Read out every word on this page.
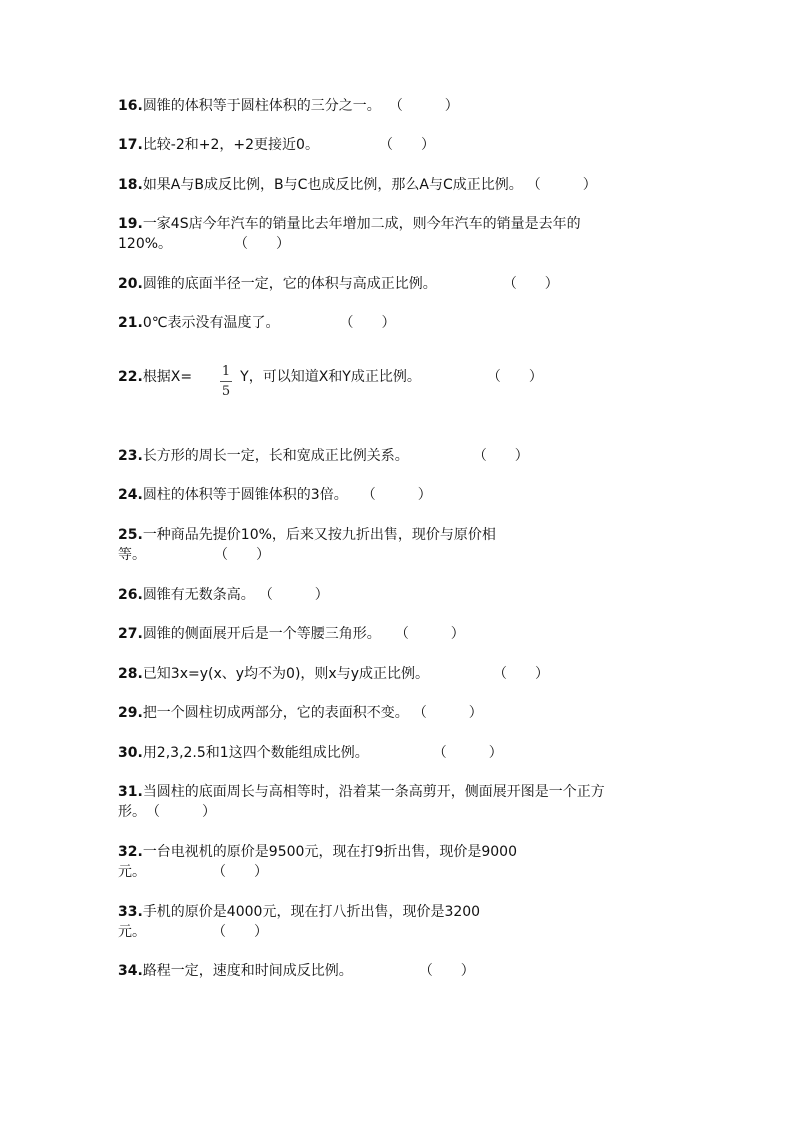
16.圆锥的体积等于圆柱体积的三分之一。 （　　　）
17.比较-2和+2，+2更接近0。	（　　）
18.如果A与B成反比例，B与C也成反比例，那么A与C成正比例。 （　　　）
19.一家4S店今年汽车的销量比去年增加二成，则今年汽车的销量是去年的
120%。	（　　）
20.圆锥的底面半径一定，它的体积与高成正比例。	（　　）
21.0℃表示没有温度了。	（　　）
22.根据X=	Y，可以知道X和Y成正比例。	（　　）
1
5
23.长方形的周长一定，长和宽成正比例关系。	（　　）
24.圆柱的体积等于圆锥体积的3倍。 （　　　）
25.一种商品先提价10%，后来又按九折出售，现价与原价相
等。	（　　）
26.圆锥有无数条高。 （　　　）
27.圆锥的侧面展开后是一个等腰三角形。 （　　　）
28.已知3x=y(x、y均不为0)，则x与y成正比例。	（　　）
29.把一个圆柱切成两部分，它的表面积不变。 （　　　）
30.用2,3,2.5和1这四个数能组成比例。	（　　　）
31.当圆柱的底面周长与高相等时，沿着某一条高剪开，侧面展开图是一个正方
形。（　　　）
32.一台电视机的原价是9500元，现在打9折出售，现价是9000
元。	（　　）
33.手机的原价是4000元，现在打八折出售，现价是3200
元。	（　　）
34.路程一定，速度和时间成反比例。	（　　）
